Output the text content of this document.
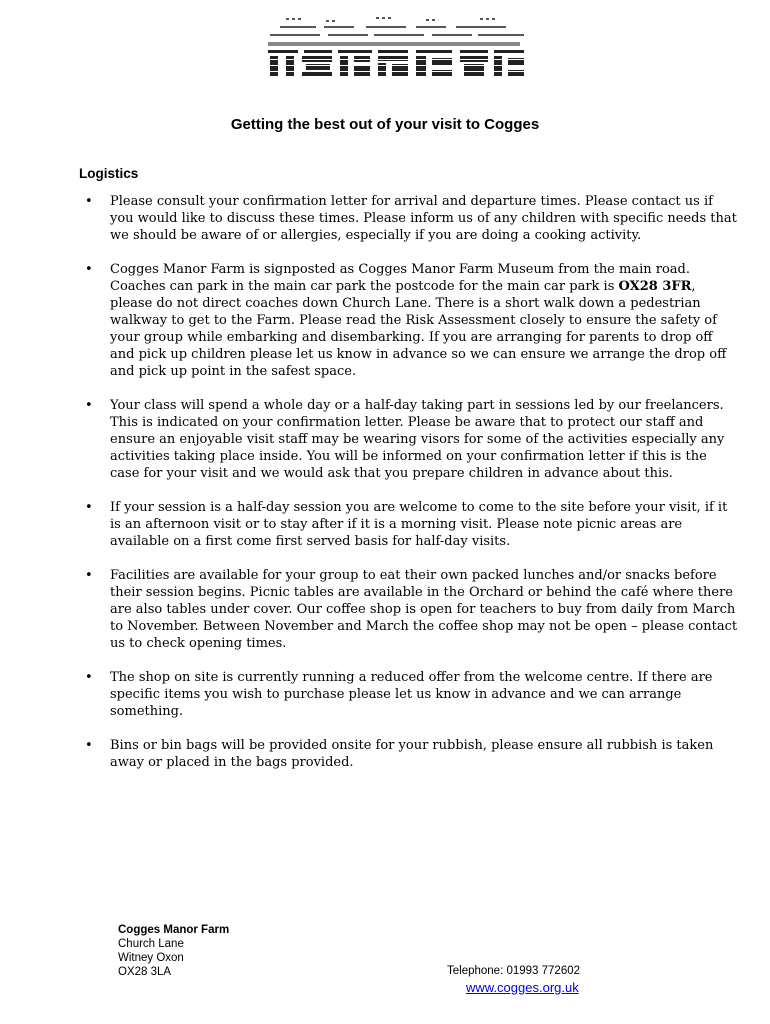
Getting the best out of your visit to Cogges
Logistics
• Please consult your confirmation letter for arrival and departure times. Please contact us if you would like to discuss these times. Please inform us of any children with specific needs that we should be aware of or allergies, especially if you are doing a cooking activity.
• Cogges Manor Farm is signposted as Cogges Manor Farm Museum from the main road. Coaches can park in the main car park the postcode for the main car park is OX28 3FR, please do not direct coaches down Church Lane. There is a short walk down a pedestrian walkway to get to the Farm. Please read the Risk Assessment closely to ensure the safety of your group while embarking and disembarking. If you are arranging for parents to drop off and pick up children please let us know in advance so we can ensure we arrange the drop off and pick up point in the safest space.
• Your class will spend a whole day or a half-day taking part in sessions led by our freelancers. This is indicated on your confirmation letter. Please be aware that to protect our staff and ensure an enjoyable visit staff may be wearing visors for some of the activities especially any activities taking place inside. You will be informed on your confirmation letter if this is the case for your visit and we would ask that you prepare children in advance about this.
• If your session is a half-day session you are welcome to come to the site before your visit, if it is an afternoon visit or to stay after if it is a morning visit. Please note picnic areas are available on a first come first served basis for half-day visits.
• Facilities are available for your group to eat their own packed lunches and/or snacks before their session begins. Picnic tables are available in the Orchard or behind the café where there are also tables under cover. Our coffee shop is open for teachers to buy from daily from March to November. Between November and March the coffee shop may not be open – please contact us to check opening times.
• The shop on site is currently running a reduced offer from the welcome centre. If there are specific items you wish to purchase please let us know in advance and we can arrange something.
• Bins or bin bags will be provided onsite for your rubbish, please ensure all rubbish is taken away or placed in the bags provided.
Cogges Manor Farm
Church Lane
Witney Oxon
OX28 3LA	Telephone: 01993 772602
www.cogges.org.uk
